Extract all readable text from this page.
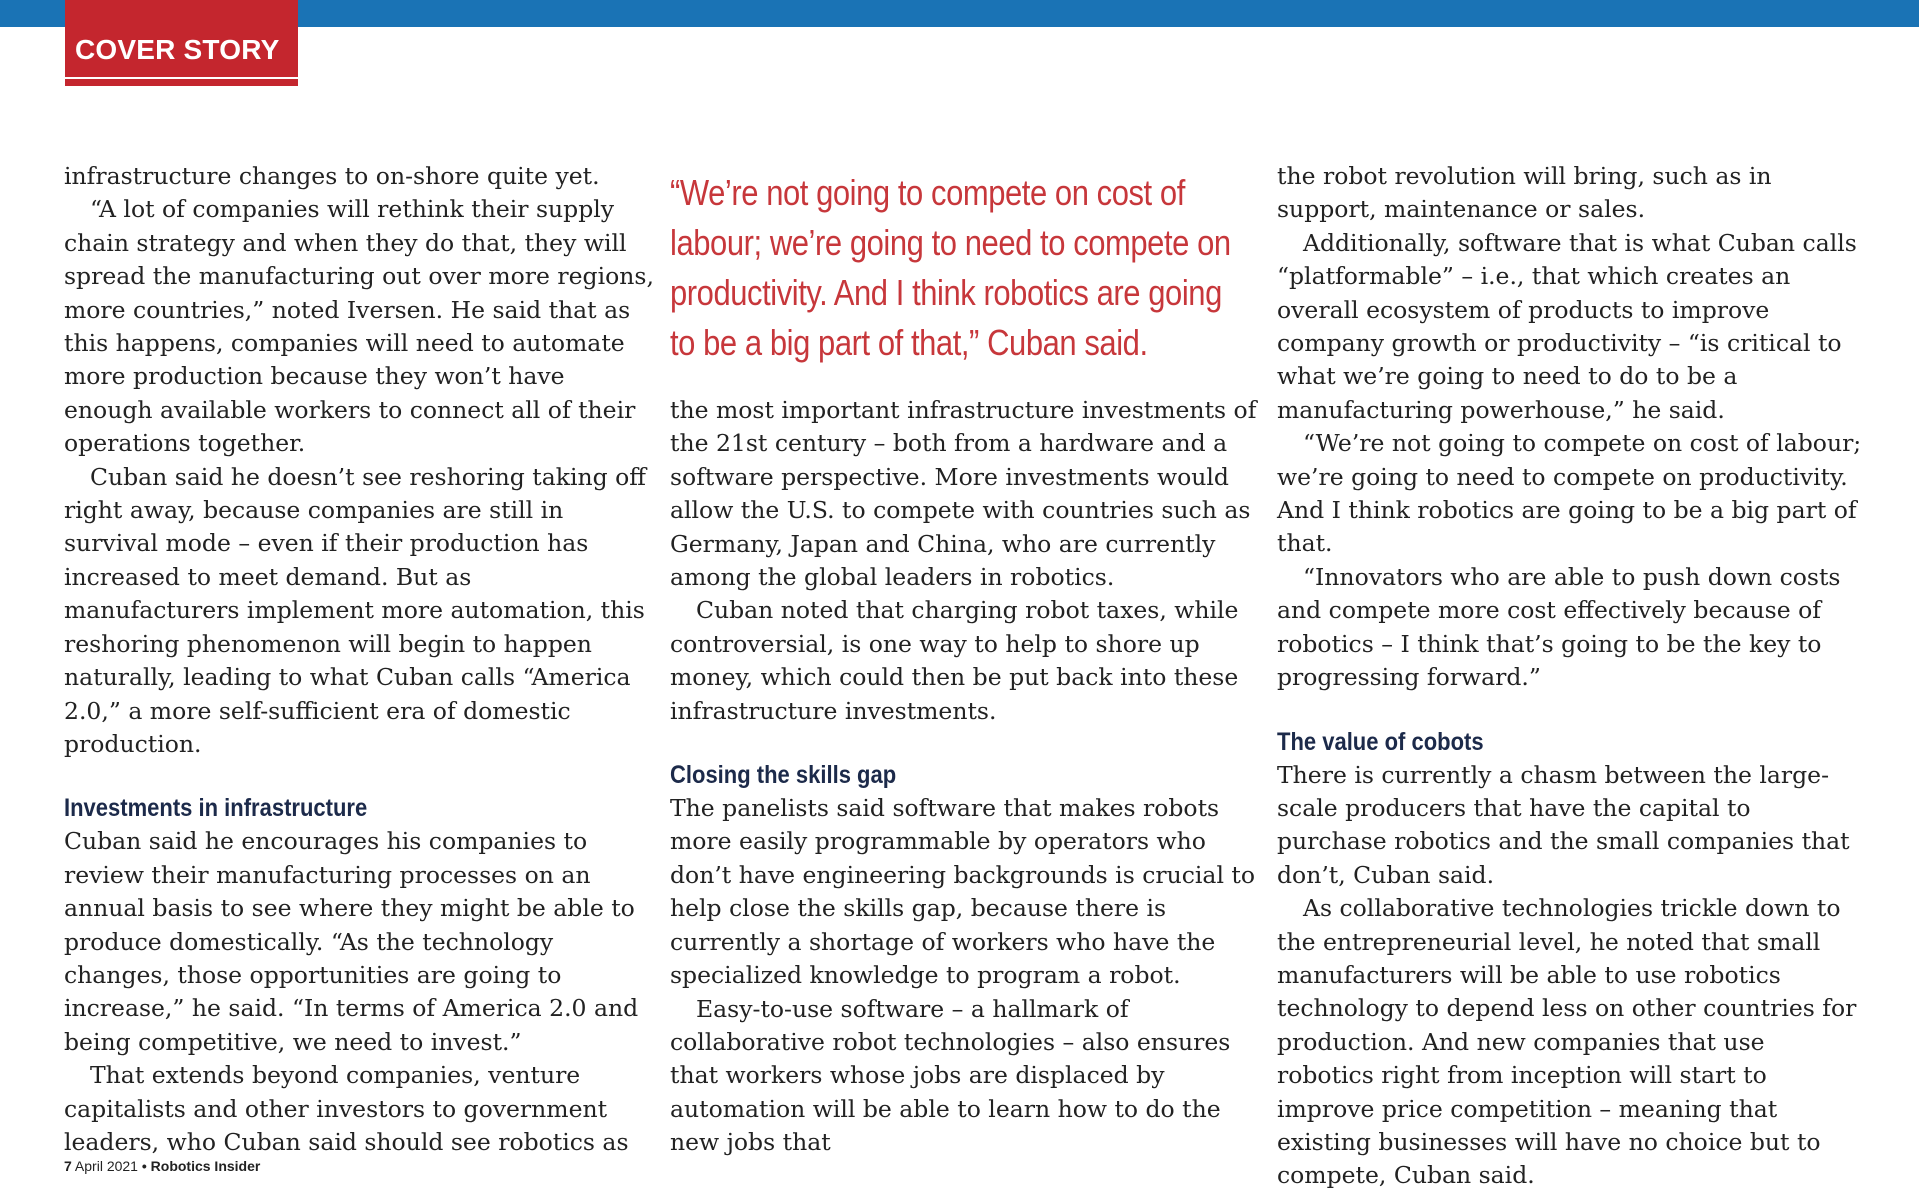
COVER STORY

infrastructure changes to on-shore quite yet.

“A lot of companies will rethink their supply chain strategy and when they do that, they will spread the manufacturing out over more regions, more countries,” noted Iversen. He said that as this happens, companies will need to automate more production because they won’t have enough available workers to connect all of their operations together.

Cuban said he doesn’t see reshoring taking off right away, because companies are still in survival mode – even if their production has increased to meet demand. But as manufacturers implement more automation, this reshoring phenomenon will begin to happen naturally, leading to what Cuban calls “America 2.0,” a more self-sufficient era of domestic production.

Investments in infrastructure

Cuban said he encourages his companies to review their manufacturing processes on an annual basis to see where they might be able to produce domestically. “As the technology changes, those opportunities are going to increase,” he said. “In terms of America 2.0 and being competitive, we need to invest.”

That extends beyond companies, venture capitalists and other investors to government leaders, who Cuban said should see robotics as

“We’re not going to compete on cost of labour; we’re going to need to compete on productivity. And I think robotics are going to be a big part of that,” Cuban said.

the most important infrastructure investments of the 21st century – both from a hardware and a software perspective. More investments would allow the U.S. to compete with countries such as Germany, Japan and China, who are currently among the global leaders in robotics.

Cuban noted that charging robot taxes, while controversial, is one way to help to shore up money, which could then be put back into these infrastructure investments.

Closing the skills gap

The panelists said software that makes robots more easily programmable by operators who don’t have engineering backgrounds is crucial to help close the skills gap, because there is currently a shortage of workers who have the specialized knowledge to program a robot.

Easy-to-use software – a hallmark of collaborative robot technologies – also ensures that workers whose jobs are displaced by automation will be able to learn how to do the new jobs that

the robot revolution will bring, such as in support, maintenance or sales.

Additionally, software that is what Cuban calls “platformable” – i.e., that which creates an overall ecosystem of products to improve company growth or productivity – “is critical to what we’re going to need to do to be a manufacturing powerhouse,” he said.

“We’re not going to compete on cost of labour; we’re going to need to compete on productivity. And I think robotics are going to be a big part of that.

“Innovators who are able to push down costs and compete more cost effectively because of robotics – I think that’s going to be the key to progressing forward.”

The value of cobots

There is currently a chasm between the large-scale producers that have the capital to purchase robotics and the small companies that don’t, Cuban said.

As collaborative technologies trickle down to the entrepreneurial level, he noted that small manufacturers will be able to use robotics technology to depend less on other countries for production. And new companies that use robotics right from inception will start to improve price competition – meaning that existing businesses will have no choice but to compete, Cuban said.

7 April 2021 • Robotics Insider
